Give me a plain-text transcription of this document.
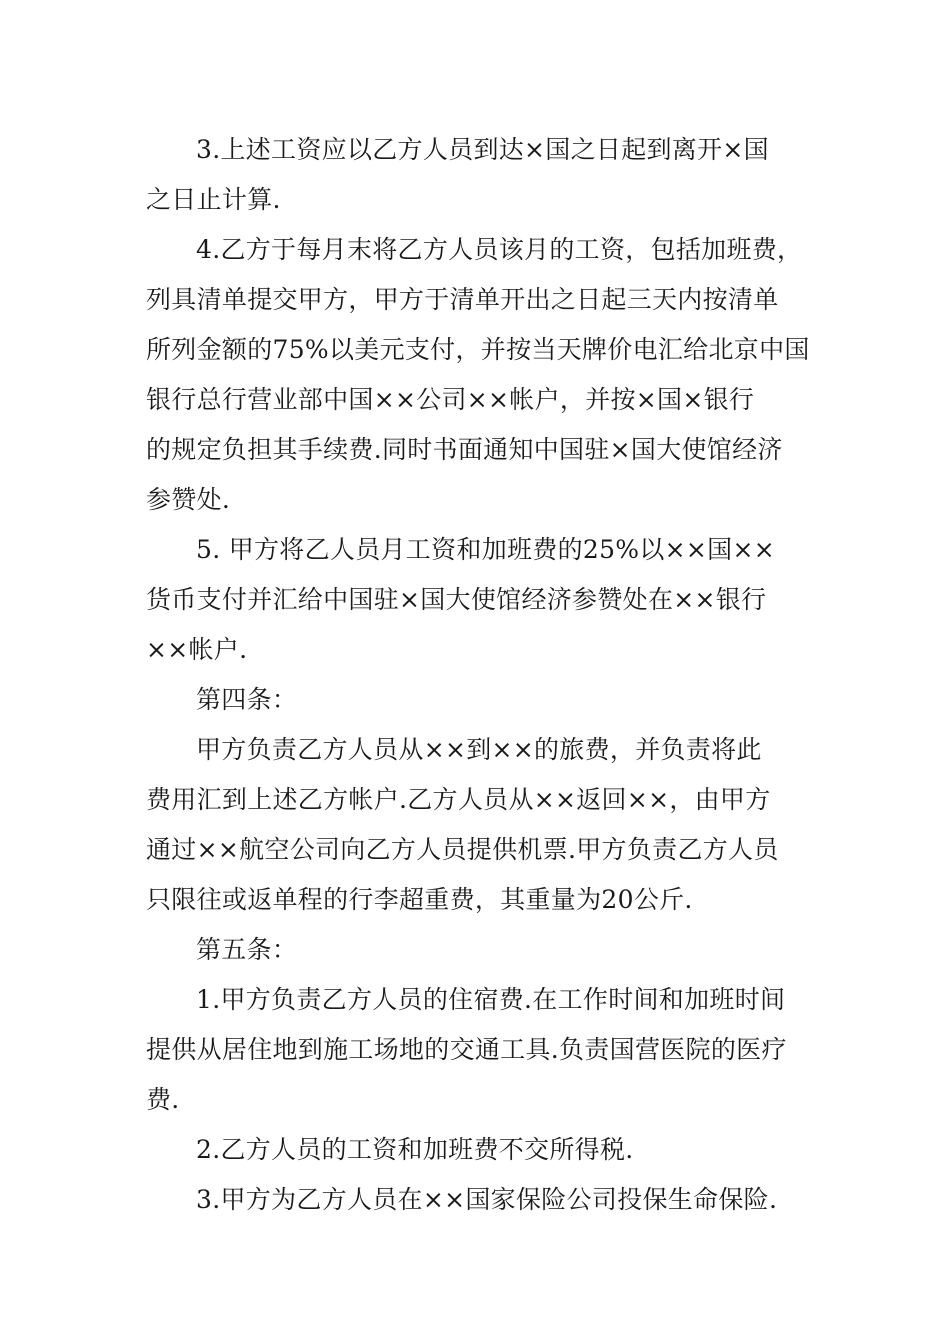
3.上述工资应以乙方人员到达×国之日起到离开×国
之日止计算.
4.乙方于每月末将乙方人员该月的工资，包括加班费，
列具清单提交甲方，甲方于清单开出之日起三天内按清单
所列金额的75%以美元支付，并按当天牌价电汇给北京中国
银行总行营业部中国××公司××帐户，并按×国×银行
的规定负担其手续费.同时书面通知中国驻×国大使馆经济
参赞处.
5. 甲方将乙人员月工资和加班费的25%以××国××
货币支付并汇给中国驻×国大使馆经济参赞处在××银行
××帐户.
第四条：
甲方负责乙方人员从××到××的旅费，并负责将此
费用汇到上述乙方帐户.乙方人员从××返回××，由甲方
通过××航空公司向乙方人员提供机票.甲方负责乙方人员
只限往或返单程的行李超重费，其重量为20公斤.
第五条：
1.甲方负责乙方人员的住宿费.在工作时间和加班时间
提供从居住地到施工场地的交通工具.负责国营医院的医疗
费.
2.乙方人员的工资和加班费不交所得税.
3.甲方为乙方人员在××国家保险公司投保生命保险.
